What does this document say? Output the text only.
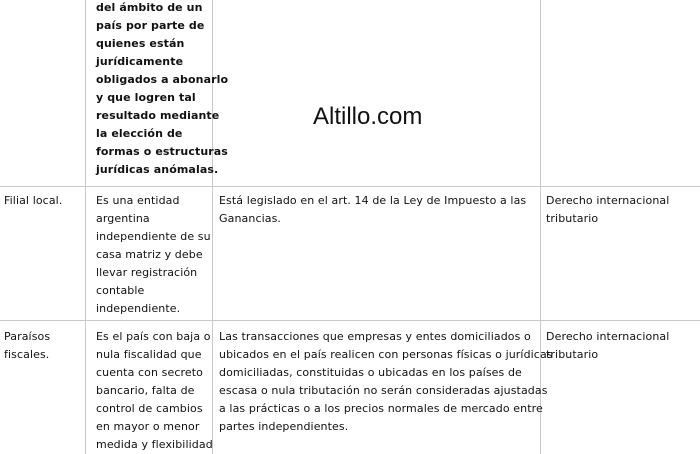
Altillo.com
del ámbito de un
país por parte de
quienes están
jurídicamente
obligados a abonarlo
y que logren tal
resultado mediante
la elección de
formas o estructuras
jurídicas anómalas.
Filial local.	Es una entidad
argentina
independiente de su
casa matriz y debe
llevar registración
contable
independiente.
Está legislado en el art. 14 de la Ley de Impuesto a las
Ganancias.
Derecho internacional
tributario
Paraísos
fiscales.
Es el país con baja o
nula fiscalidad que
cuenta con secreto
bancario, falta de
control de cambios
en mayor o menor
medida y flexibilidad
Las transacciones que empresas y entes domiciliados o
ubicados en el país realicen con personas físicas o jurídicas
domiciliadas, constituidas o ubicadas en los países de
escasa o nula tributación no serán consideradas ajustadas
a las prácticas o a los precios normales de mercado entre
partes independientes.
Derecho internacional
tributario
